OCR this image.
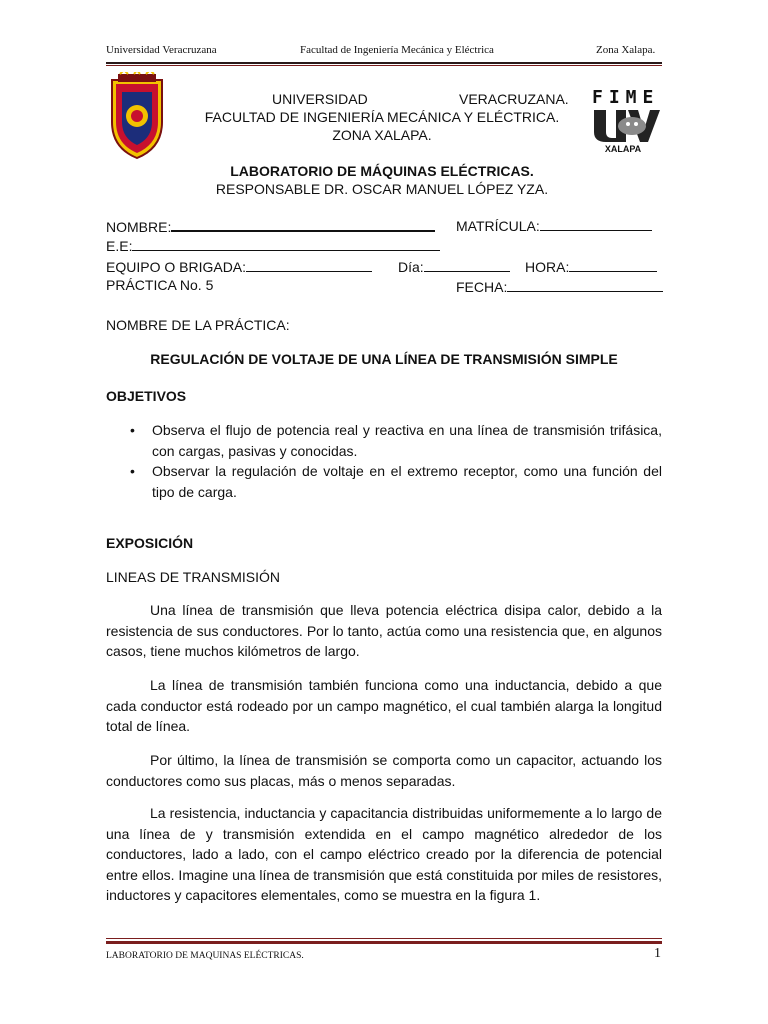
Universidad Veracruzana	Facultad de Ingeniería Mecánica y Eléctrica	Zona Xalapa.
FIME
XALAPA
UNIVERSIDAD	VERACRUZANA.
FACULTAD DE INGENIERÍA MECÁNICA Y ELÉCTRICA.
ZONA XALAPA.
LABORATORIO DE MÁQUINAS ELÉCTRICAS.
RESPONSABLE DR. OSCAR MANUEL LÓPEZ YZA.
NOMBRE:	MATRÍCULA:
E.E:
EQUIPO O BRIGADA:	Día:	HORA:
PRÁCTICA No. 5	FECHA:
NOMBRE DE LA PRÁCTICA:
REGULACIÓN DE VOLTAJE DE UNA LÍNEA DE TRANSMISIÓN SIMPLE
OBJETIVOS
• Observa el flujo de potencia real y reactiva en una línea de transmisión trifásica, con cargas, pasivas y conocidas.
• Observar la regulación de voltaje en el extremo receptor, como una función del tipo de carga.
EXPOSICIÓN
LINEAS DE TRANSMISIÓN

Una línea de transmisión que lleva potencia eléctrica disipa calor, debido a la resistencia de sus conductores. Por lo tanto, actúa como una resistencia que, en algunos casos, tiene muchos kilómetros de largo.

La línea de transmisión también funciona como una inductancia, debido a que cada conductor está rodeado por un campo magnético, el cual también alarga la longitud total de línea.

Por último, la línea de transmisión se comporta como un capacitor, actuando los conductores como sus placas, más o menos separadas.

La resistencia, inductancia y capacitancia distribuidas uniformemente a lo largo de una línea de y transmisión extendida en el campo magnético alrededor de los conductores, lado a lado, con el campo eléctrico creado por la diferencia de potencial entre ellos. Imagine una línea de transmisión que está constituida por miles de resistores, inductores y capacitores elementales, como se muestra en la figura 1.

LABORATORIO DE MAQUINAS ELÉCTRICAS.	1
